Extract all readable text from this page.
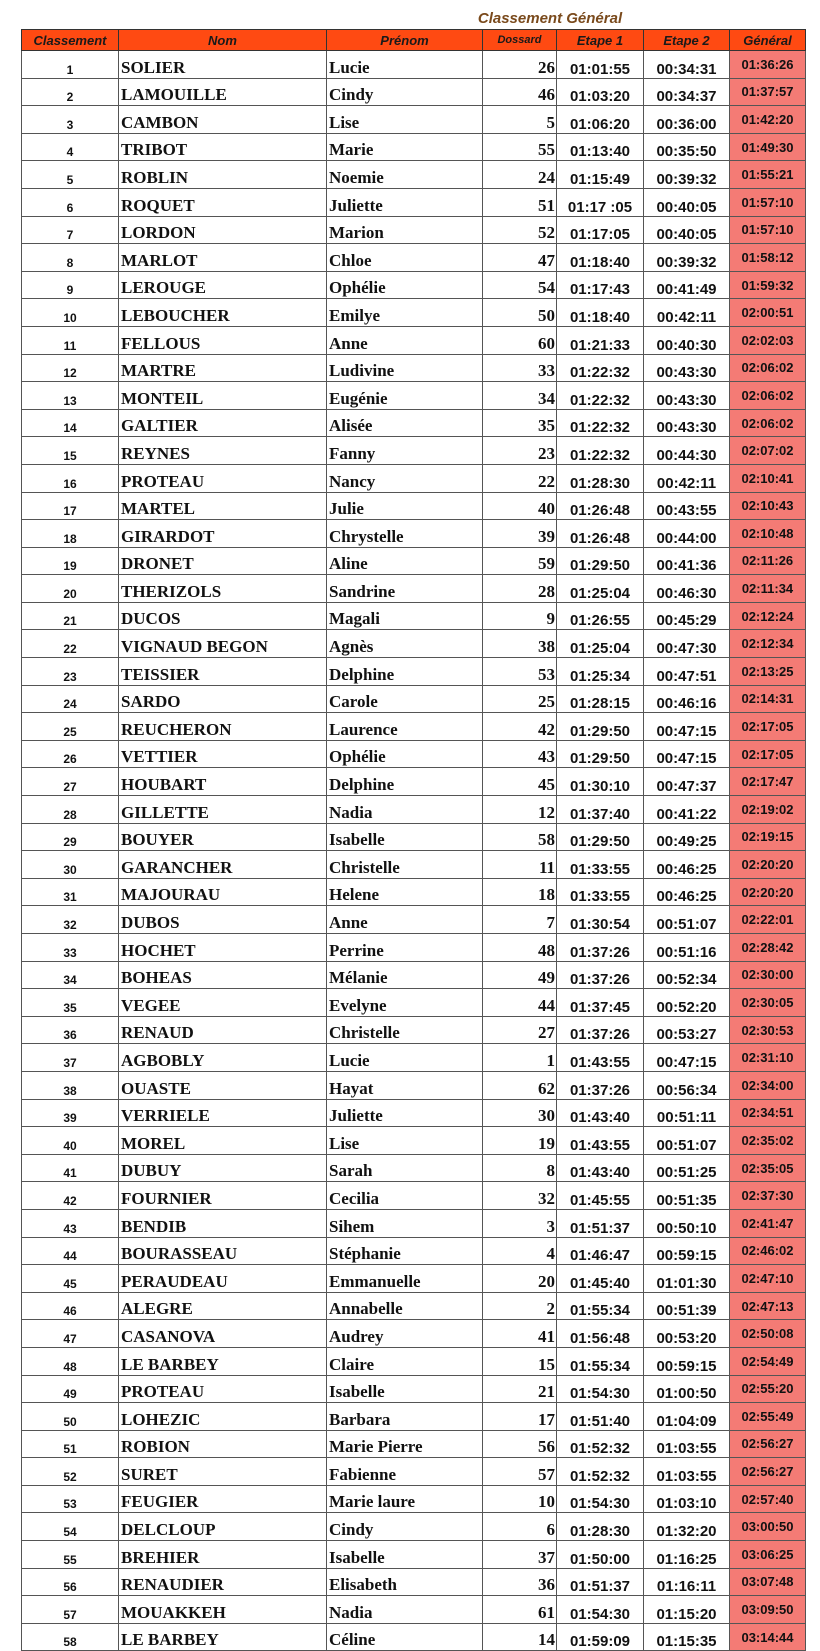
Classement Général
Classement	Nom	Prénom	Dossard	Etape 1	Etape 2	Général
1	SOLIER	Lucie	26	01:01:55	00:34:31	01:36:26
2	LAMOUILLE	Cindy	46	01:03:20	00:34:37	01:37:57
3	CAMBON	Lise	5	01:06:20	00:36:00	01:42:20
4	TRIBOT	Marie	55	01:13:40	00:35:50	01:49:30
5	ROBLIN	Noemie	24	01:15:49	00:39:32	01:55:21
6	ROQUET	Juliette	51	01:17 :05	00:40:05	01:57:10
7	LORDON	Marion	52	01:17:05	00:40:05	01:57:10
8	MARLOT	Chloe	47	01:18:40	00:39:32	01:58:12
9	LEROUGE	Ophélie	54	01:17:43	00:41:49	01:59:32
10	LEBOUCHER	Emilye	50	01:18:40	00:42:11	02:00:51
11	FELLOUS	Anne	60	01:21:33	00:40:30	02:02:03
12	MARTRE	Ludivine	33	01:22:32	00:43:30	02:06:02
13	MONTEIL	Eugénie	34	01:22:32	00:43:30	02:06:02
14	GALTIER	Alisée	35	01:22:32	00:43:30	02:06:02
15	REYNES	Fanny	23	01:22:32	00:44:30	02:07:02
16	PROTEAU	Nancy	22	01:28:30	00:42:11	02:10:41
17	MARTEL	Julie	40	01:26:48	00:43:55	02:10:43
18	GIRARDOT	Chrystelle	39	01:26:48	00:44:00	02:10:48
19	DRONET	Aline	59	01:29:50	00:41:36	02:11:26
20	THERIZOLS	Sandrine	28	01:25:04	00:46:30	02:11:34
21	DUCOS	Magali	9	01:26:55	00:45:29	02:12:24
22	VIGNAUD BEGON	Agnès	38	01:25:04	00:47:30	02:12:34
23	TEISSIER	Delphine	53	01:25:34	00:47:51	02:13:25
24	SARDO	Carole	25	01:28:15	00:46:16	02:14:31
25	REUCHERON	Laurence	42	01:29:50	00:47:15	02:17:05
26	VETTIER	Ophélie	43	01:29:50	00:47:15	02:17:05
27	HOUBART	Delphine	45	01:30:10	00:47:37	02:17:47
28	GILLETTE	Nadia	12	01:37:40	00:41:22	02:19:02
29	BOUYER	Isabelle	58	01:29:50	00:49:25	02:19:15
30	GARANCHER	Christelle	11	01:33:55	00:46:25	02:20:20
31	MAJOURAU	Helene	18	01:33:55	00:46:25	02:20:20
32	DUBOS	Anne	7	01:30:54	00:51:07	02:22:01
33	HOCHET	Perrine	48	01:37:26	00:51:16	02:28:42
34	BOHEAS	Mélanie	49	01:37:26	00:52:34	02:30:00
35	VEGEE	Evelyne	44	01:37:45	00:52:20	02:30:05
36	RENAUD	Christelle	27	01:37:26	00:53:27	02:30:53
37	AGBOBLY	Lucie	1	01:43:55	00:47:15	02:31:10
38	OUASTE	Hayat	62	01:37:26	00:56:34	02:34:00
39	VERRIELE	Juliette	30	01:43:40	00:51:11	02:34:51
40	MOREL	Lise	19	01:43:55	00:51:07	02:35:02
41	DUBUY	Sarah	8	01:43:40	00:51:25	02:35:05
42	FOURNIER	Cecilia	32	01:45:55	00:51:35	02:37:30
43	BENDIB	Sihem	3	01:51:37	00:50:10	02:41:47
44	BOURASSEAU	Stéphanie	4	01:46:47	00:59:15	02:46:02
45	PERAUDEAU	Emmanuelle	20	01:45:40	01:01:30	02:47:10
46	ALEGRE	Annabelle	2	01:55:34	00:51:39	02:47:13
47	CASANOVA	Audrey	41	01:56:48	00:53:20	02:50:08
48	LE BARBEY	Claire	15	01:55:34	00:59:15	02:54:49
49	PROTEAU	Isabelle	21	01:54:30	01:00:50	02:55:20
50	LOHEZIC	Barbara	17	01:51:40	01:04:09	02:55:49
51	ROBION	Marie Pierre	56	01:52:32	01:03:55	02:56:27
52	SURET	Fabienne	57	01:52:32	01:03:55	02:56:27
53	FEUGIER	Marie laure	10	01:54:30	01:03:10	02:57:40
54	DELCLOUP	Cindy	6	01:28:30	01:32:20	03:00:50
55	BREHIER	Isabelle	37	01:50:00	01:16:25	03:06:25
56	RENAUDIER	Elisabeth	36	01:51:37	01:16:11	03:07:48
57	MOUAKKEH	Nadia	61	01:54:30	01:15:20	03:09:50
58	LE BARBEY	Céline	14	01:59:09	01:15:35	03:14:44
